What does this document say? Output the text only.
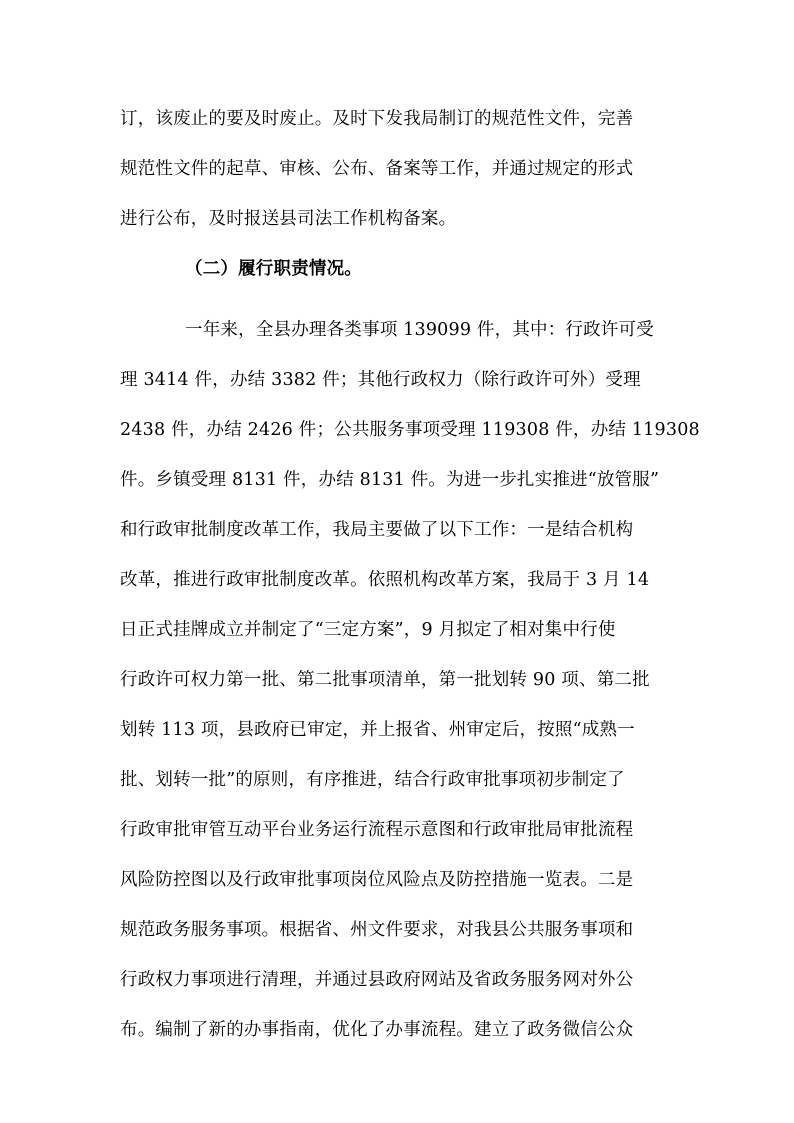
订，该废止的要及时废止。及时下发我局制订的规范性文件，完善
规范性文件的起草、审核、公布、备案等工作，并通过规定的形式
进行公布，及时报送县司法工作机构备案。
（二）履行职责情况。
一年来，全县办理各类事项 139099 件，其中：行政许可受
理 3414 件，办结 3382 件；其他行政权力（除行政许可外）受理
2438 件，办结 2426 件；公共服务事项受理 119308 件，办结 119308
件。乡镇受理 8131 件，办结 8131 件。为进一步扎实推进“放管服”
和行政审批制度改革工作，我局主要做了以下工作：一是结合机构
改革，推进行政审批制度改革。依照机构改革方案，我局于 3 月 14
日正式挂牌成立并制定了“三定方案”，9 月拟定了相对集中行使
行政许可权力第一批、第二批事项清单，第一批划转 90 项、第二批
划转 113 项，县政府已审定，并上报省、州审定后，按照“成熟一
批、划转一批”的原则，有序推进，结合行政审批事项初步制定了
行政审批审管互动平台业务运行流程示意图和行政审批局审批流程
风险防控图以及行政审批事项岗位风险点及防控措施一览表。二是
规范政务服务事项。根据省、州文件要求，对我县公共服务事项和
行政权力事项进行清理，并通过县政府网站及省政务服务网对外公
布。编制了新的办事指南，优化了办事流程。建立了政务微信公众
